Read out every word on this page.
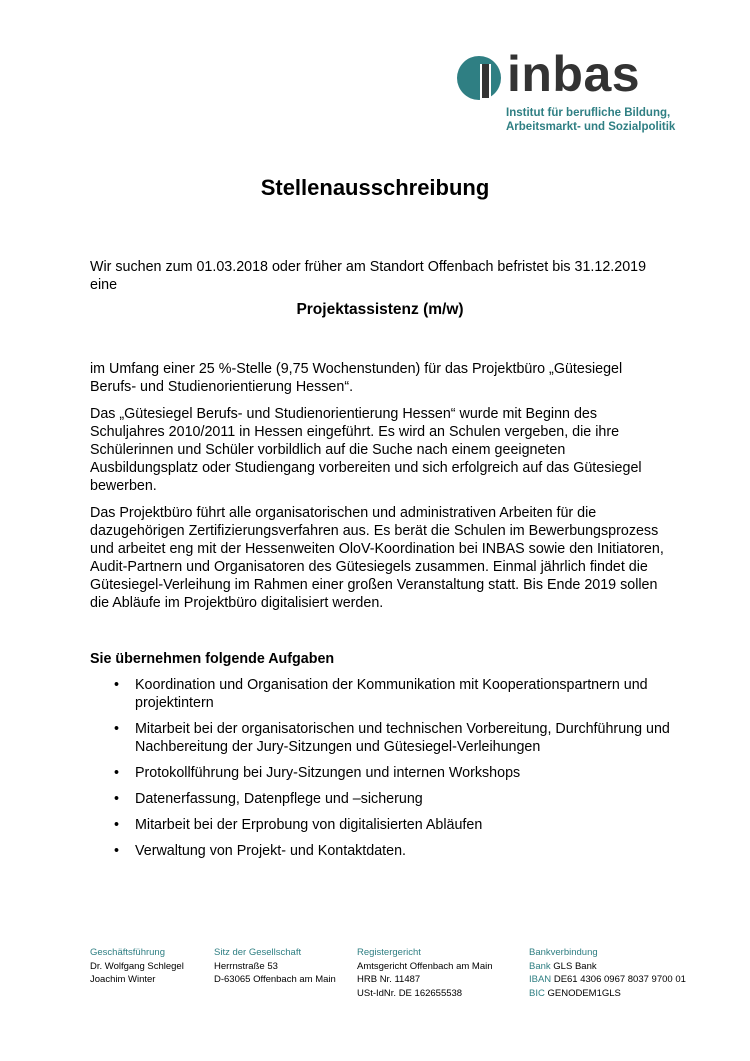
inbas
Institut für berufliche Bildung,
Arbeitsmarkt- und Sozialpolitik
Stellenausschreibung

Wir suchen zum 01.03.2018 oder früher am Standort Offenbach befristet bis 31.12.2019 eine

Projektassistenz (m/w)

im Umfang einer 25 %-Stelle (9,75 Wochenstunden) für das Projektbüro „Gütesiegel Berufs- und Studienorientierung Hessen“.

Das „Gütesiegel Berufs- und Studienorientierung Hessen“ wurde mit Beginn des Schuljahres 2010/2011 in Hessen eingeführt. Es wird an Schulen vergeben, die ihre Schülerinnen und Schüler vorbildlich auf die Suche nach einem geeigneten Ausbildungsplatz oder Studiengang vorbereiten und sich erfolgreich auf das Gütesiegel bewerben.

Das Projektbüro führt alle organisatorischen und administrativen Arbeiten für die dazugehörigen Zertifizierungsverfahren aus. Es berät die Schulen im Bewerbungsprozess und arbeitet eng mit der Hessenweiten OloV-Koordination bei INBAS sowie den Initiatoren, Audit-Partnern und Organisatoren des Gütesiegels zusammen. Einmal jährlich findet die Gütesiegel-Verleihung im Rahmen einer großen Veranstaltung statt. Bis Ende 2019 sollen die Abläufe im Projektbüro digitalisiert werden.

Sie übernehmen folgende Aufgaben
• Koordination und Organisation der Kommunikation mit Kooperationspartnern und projektintern
• Mitarbeit bei der organisatorischen und technischen Vorbereitung, Durchführung und Nachbereitung der Jury-Sitzungen und Gütesiegel-Verleihungen
• Protokollführung bei Jury-Sitzungen und internen Workshops
• Datenerfassung, Datenpflege und –sicherung
• Mitarbeit bei der Erprobung von digitalisierten Abläufen
• Verwaltung von Projekt- und Kontaktdaten.
Geschäftsführung
Dr. Wolfgang Schlegel
Joachim Winter
Sitz der Gesellschaft
Herrnstraße 53
D-63065 Offenbach am Main
Registergericht
Amtsgericht Offenbach am Main
HRB Nr. 11487
USt-IdNr. DE 162655538
Bankverbindung
Bank GLS Bank
IBAN DE61 4306 0967 8037 9700 01
BIC GENODEM1GLS
